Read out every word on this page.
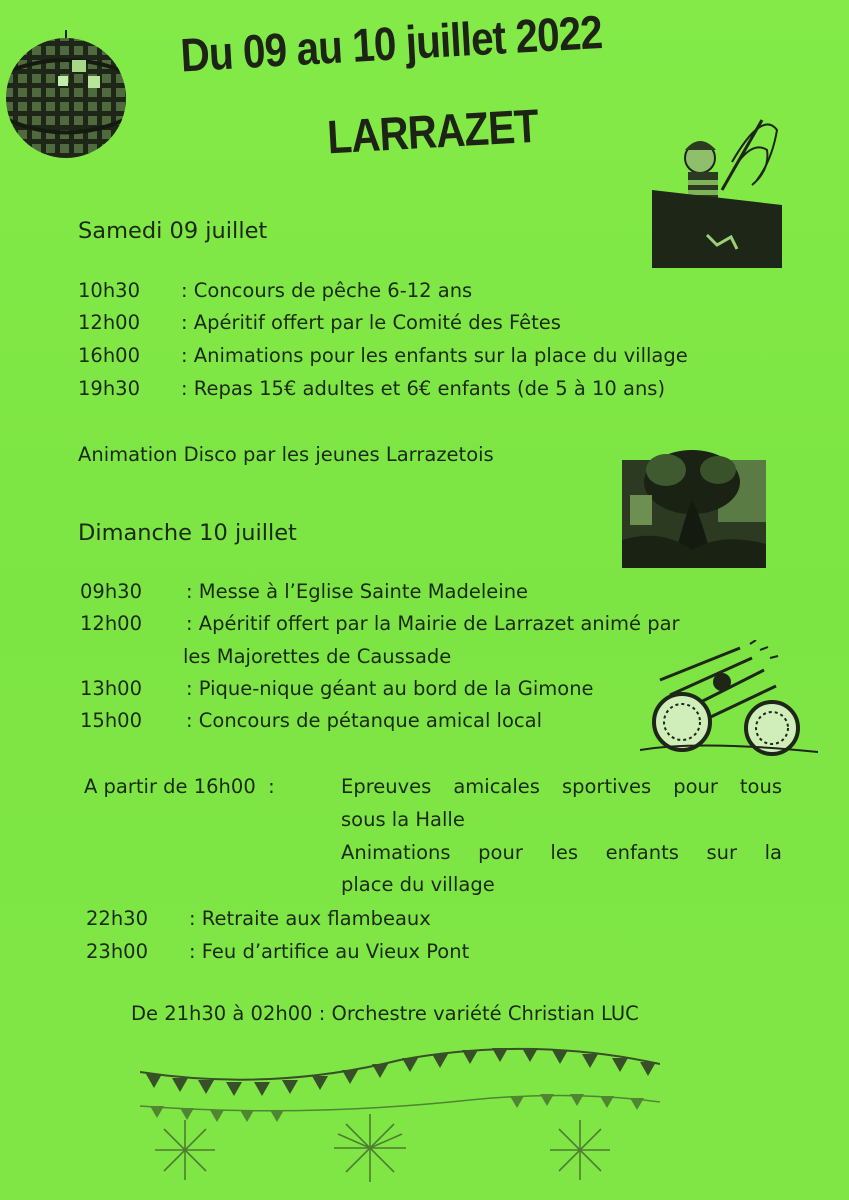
Du 09 au 10 juillet 2022
LARRAZET
Samedi 09 juillet
10h30 : Concours de pêche 6-12 ans
12h00 : Apéritif offert par le Comité des Fêtes
16h00 : Animations pour les enfants sur la place du village
19h30 : Repas 15€ adultes et 6€ enfants (de 5 à 10 ans)
Animation Disco par les jeunes Larrazetois
Dimanche 10 juillet
09h30 : Messe à l’Eglise Sainte Madeleine
12h00 : Apéritif offert par la Mairie de Larrazet animé par
les Majorettes de Caussade
13h00 : Pique-nique géant au bord de la Gimone
15h00 : Concours de pétanque amical local
A partir de 16h00  :	Epreuves amicales sportives pour tous
sous la Halle
Animations pour les enfants sur la
place du village
22h30 : Retraite aux flambeaux
23h00 : Feu d’artifice au Vieux Pont
De 21h30 à 02h00 : Orchestre variété Christian LUC
